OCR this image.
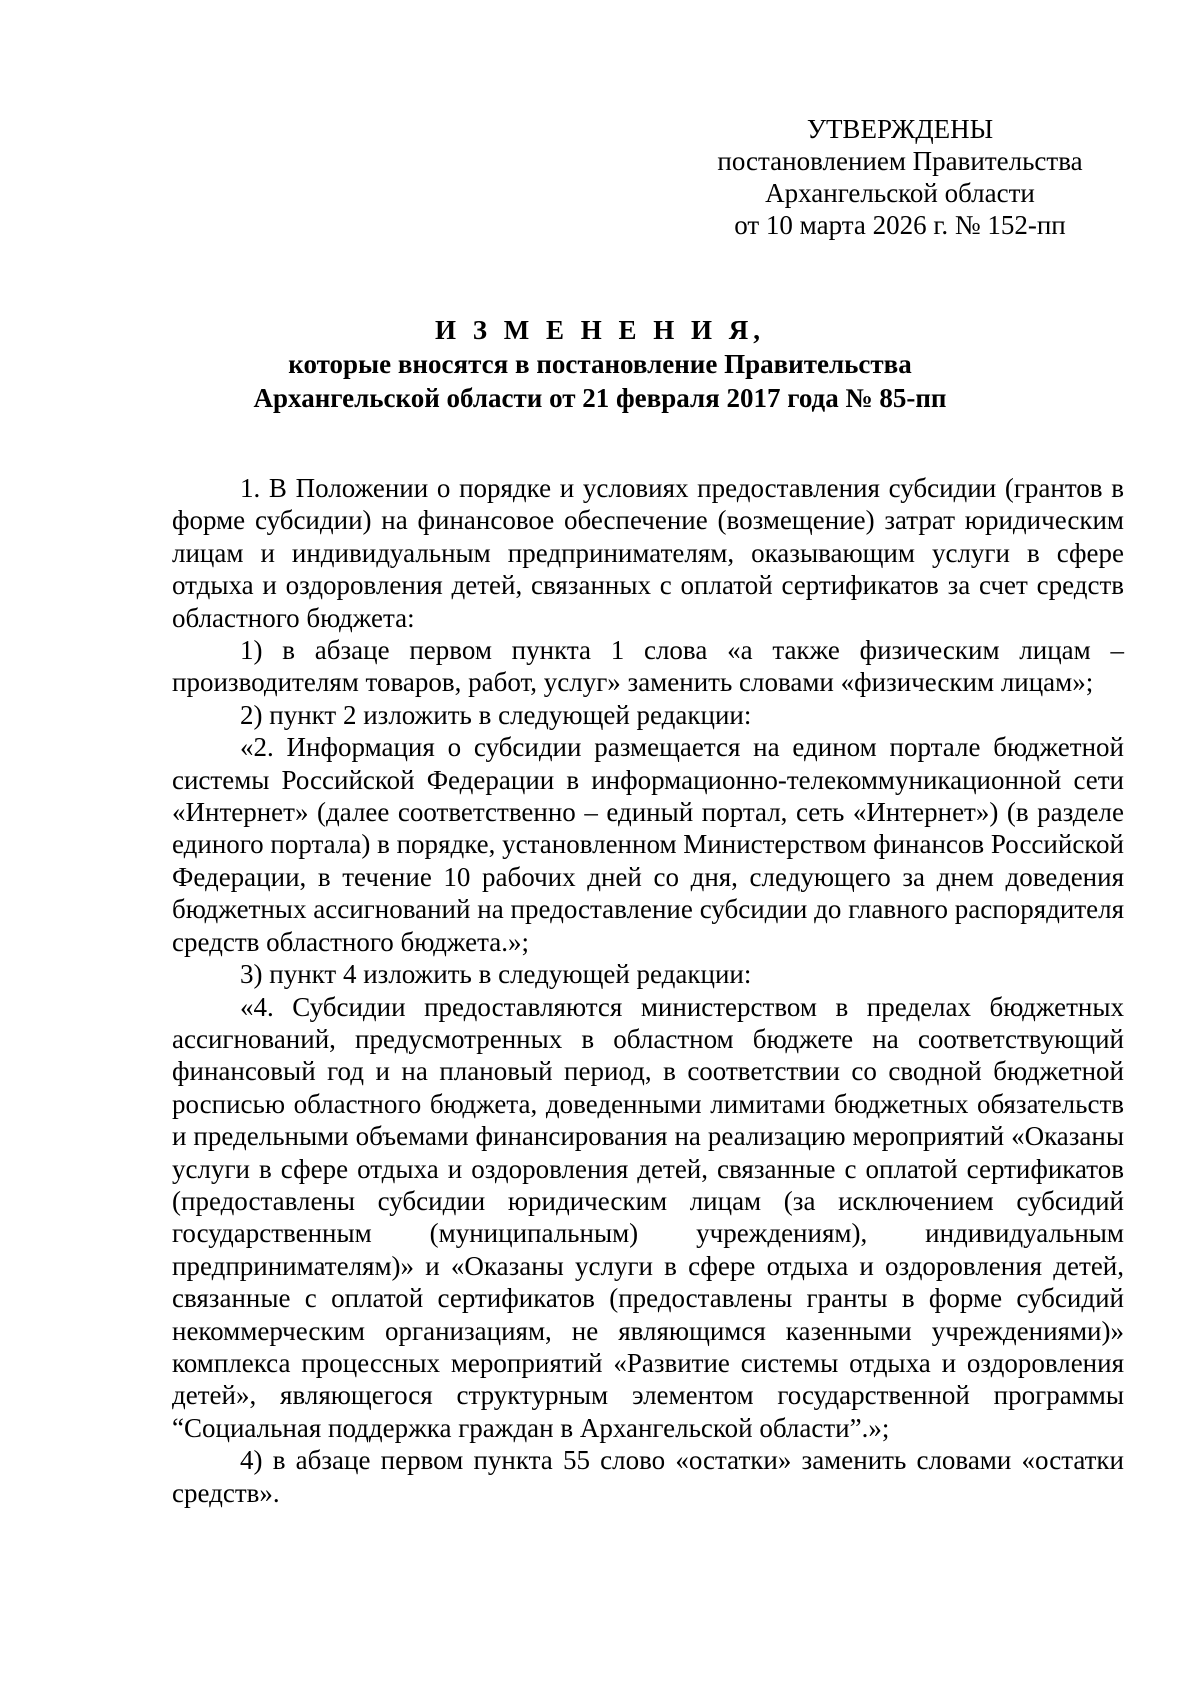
УТВЕРЖДЕНЫ
постановлением Правительства
Архангельской области
от 10 марта 2026 г. № 152-пп
И З М Е Н Е Н И Я,
которые вносятся в постановление Правительства
Архангельской области от 21 февраля 2017 года № 85-пп

1. В Положении о порядке и условиях предоставления субсидии (грантов в форме субсидии) на финансовое обеспечение (возмещение) затрат юридическим лицам и индивидуальным предпринимателям, оказывающим услуги в сфере отдыха и оздоровления детей, связанных с оплатой сертификатов за счет средств областного бюджета:

1) в абзаце первом пункта 1 слова «а также физическим лицам – производителям товаров, работ, услуг» заменить словами «физическим лицам»;

2) пункт 2 изложить в следующей редакции:

«2. Информация о субсидии размещается на едином портале бюджетной системы Российской Федерации в информационно-телекоммуникационной сети «Интернет» (далее соответственно – единый портал, сеть «Интернет») (в разделе единого портала) в порядке, установленном Министерством финансов Российской Федерации, в течение 10 рабочих дней со дня, следующего за днем доведения бюджетных ассигнований на предоставление субсидии до главного распорядителя средств областного бюджета.»;

3) пункт 4 изложить в следующей редакции:

«4. Субсидии предоставляются министерством в пределах бюджетных ассигнований, предусмотренных в областном бюджете на соответствующий финансовый год и на плановый период, в соответствии со сводной бюджетной росписью областного бюджета, доведенными лимитами бюджетных обязательств и предельными объемами финансирования на реализацию мероприятий «Оказаны услуги в сфере отдыха и оздоровления детей, связанные с оплатой сертификатов (предоставлены субсидии юридическим лицам (за исключением субсидий государственным (муниципальным) учреждениям), индивидуальным предпринимателям)» и «Оказаны услуги в сфере отдыха и оздоровления детей, связанные с оплатой сертификатов (предоставлены гранты в форме субсидий некоммерческим организациям, не являющимся казенными учреждениями)» комплекса процессных мероприятий «Развитие системы отдыха и оздоровления детей», являющегося структурным элементом государственной программы “Социальная поддержка граждан в Архангельской области”.»;

4) в абзаце первом пункта 55 слово «остатки» заменить словами «остатки средств».
